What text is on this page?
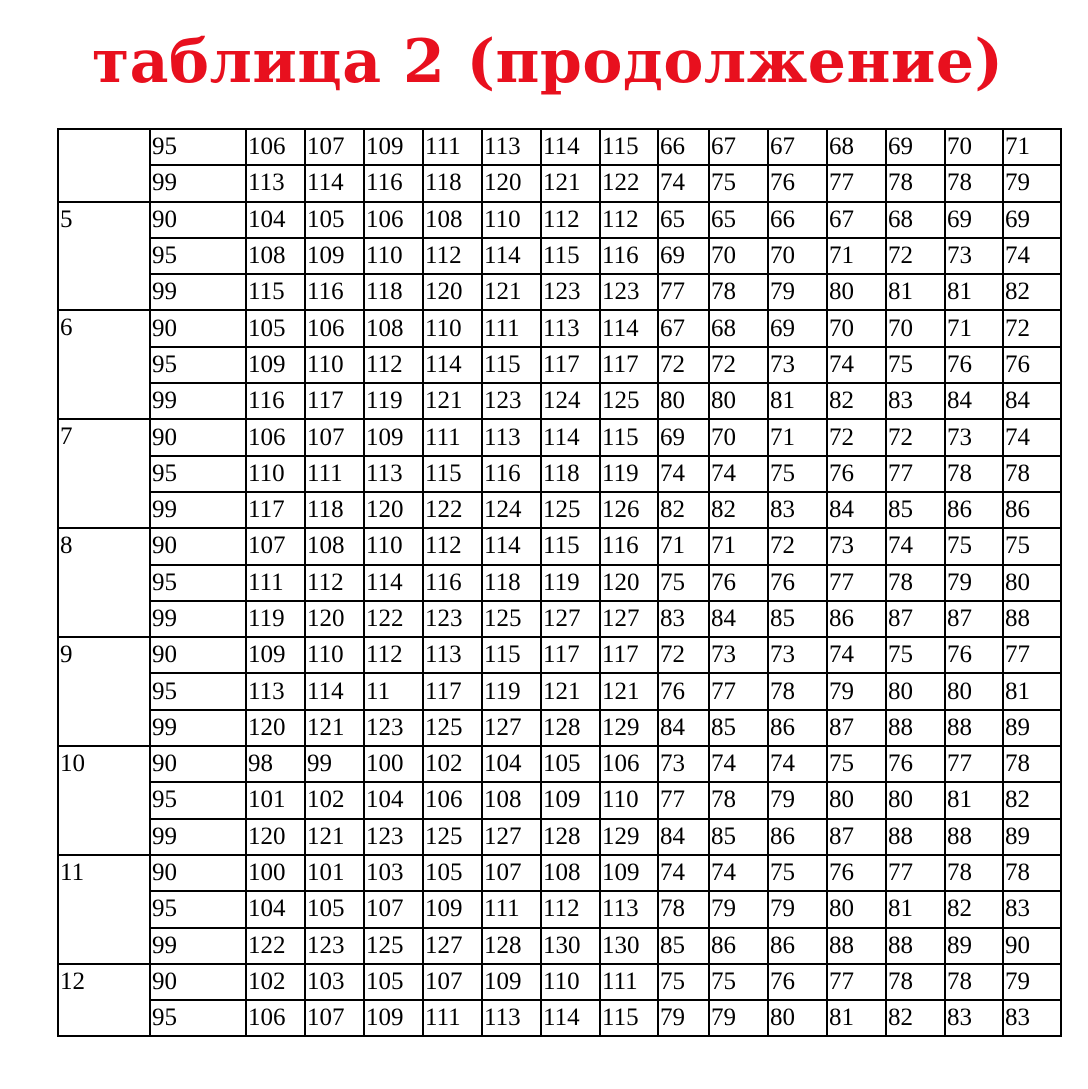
таблица 2 (продолжение)
	95	106	107	109	111	113	114	115	66	67	67	68	69	70	71
	99	113	114	116	118	120	121	122	74	75	76	77	78	78	79
5	90	104	105	106	108	110	112	112	65	65	66	67	68	69	69
	95	108	109	110	112	114	115	116	69	70	70	71	72	73	74
	99	115	116	118	120	121	123	123	77	78	79	80	81	81	82
6	90	105	106	108	110	111	113	114	67	68	69	70	70	71	72
	95	109	110	112	114	115	117	117	72	72	73	74	75	76	76
	99	116	117	119	121	123	124	125	80	80	81	82	83	84	84
7	90	106	107	109	111	113	114	115	69	70	71	72	72	73	74
	95	110	111	113	115	116	118	119	74	74	75	76	77	78	78
	99	117	118	120	122	124	125	126	82	82	83	84	85	86	86
8	90	107	108	110	112	114	115	116	71	71	72	73	74	75	75
	95	111	112	114	116	118	119	120	75	76	76	77	78	79	80
	99	119	120	122	123	125	127	127	83	84	85	86	87	87	88
9	90	109	110	112	113	115	117	117	72	73	73	74	75	76	77
	95	113	114	11	117	119	121	121	76	77	78	79	80	80	81
	99	120	121	123	125	127	128	129	84	85	86	87	88	88	89
10	90	98	99	100	102	104	105	106	73	74	74	75	76	77	78
	95	101	102	104	106	108	109	110	77	78	79	80	80	81	82
	99	120	121	123	125	127	128	129	84	85	86	87	88	88	89
11	90	100	101	103	105	107	108	109	74	74	75	76	77	78	78
	95	104	105	107	109	111	112	113	78	79	79	80	81	82	83
	99	122	123	125	127	128	130	130	85	86	86	88	88	89	90
12	90	102	103	105	107	109	110	111	75	75	76	77	78	78	79
	95	106	107	109	111	113	114	115	79	79	80	81	82	83	83
